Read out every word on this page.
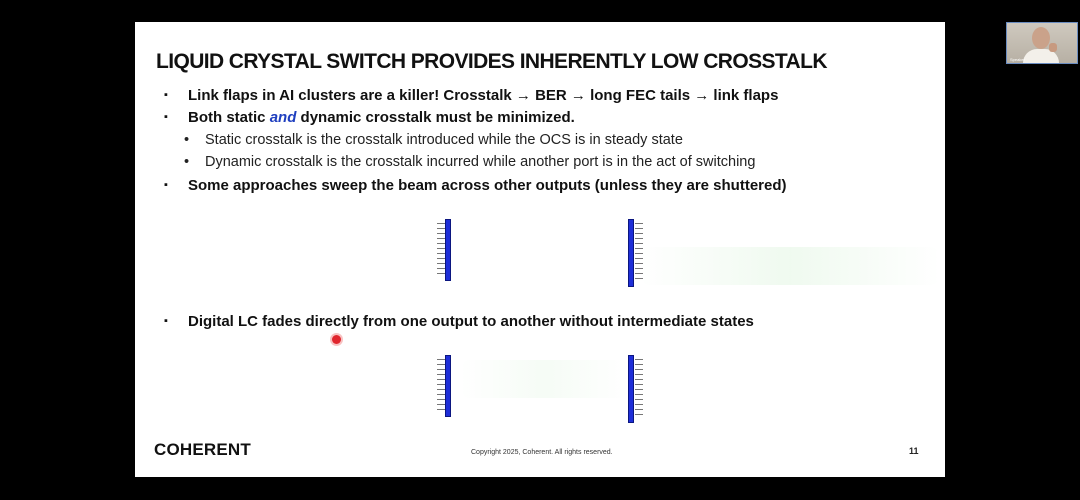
LIQUID CRYSTAL SWITCH PROVIDES INHERENTLY LOW CROSSTALK
▪ Link flaps in AI clusters are a killer! Crosstalk → BER → long FEC tails → link flaps
▪ Both static and dynamic crosstalk must be minimized.
• Static crosstalk is the crosstalk introduced while the OCS is in steady state
• Dynamic crosstalk is the crosstalk incurred while another port is in the act of switching
▪ Some approaches sweep the beam across other outputs (unless they are shuttered)
▪ Digital LC fades directly from one output to another without intermediate states
COHERENT	Copyright 2025, Coherent. All rights reserved.	11
Speaker
